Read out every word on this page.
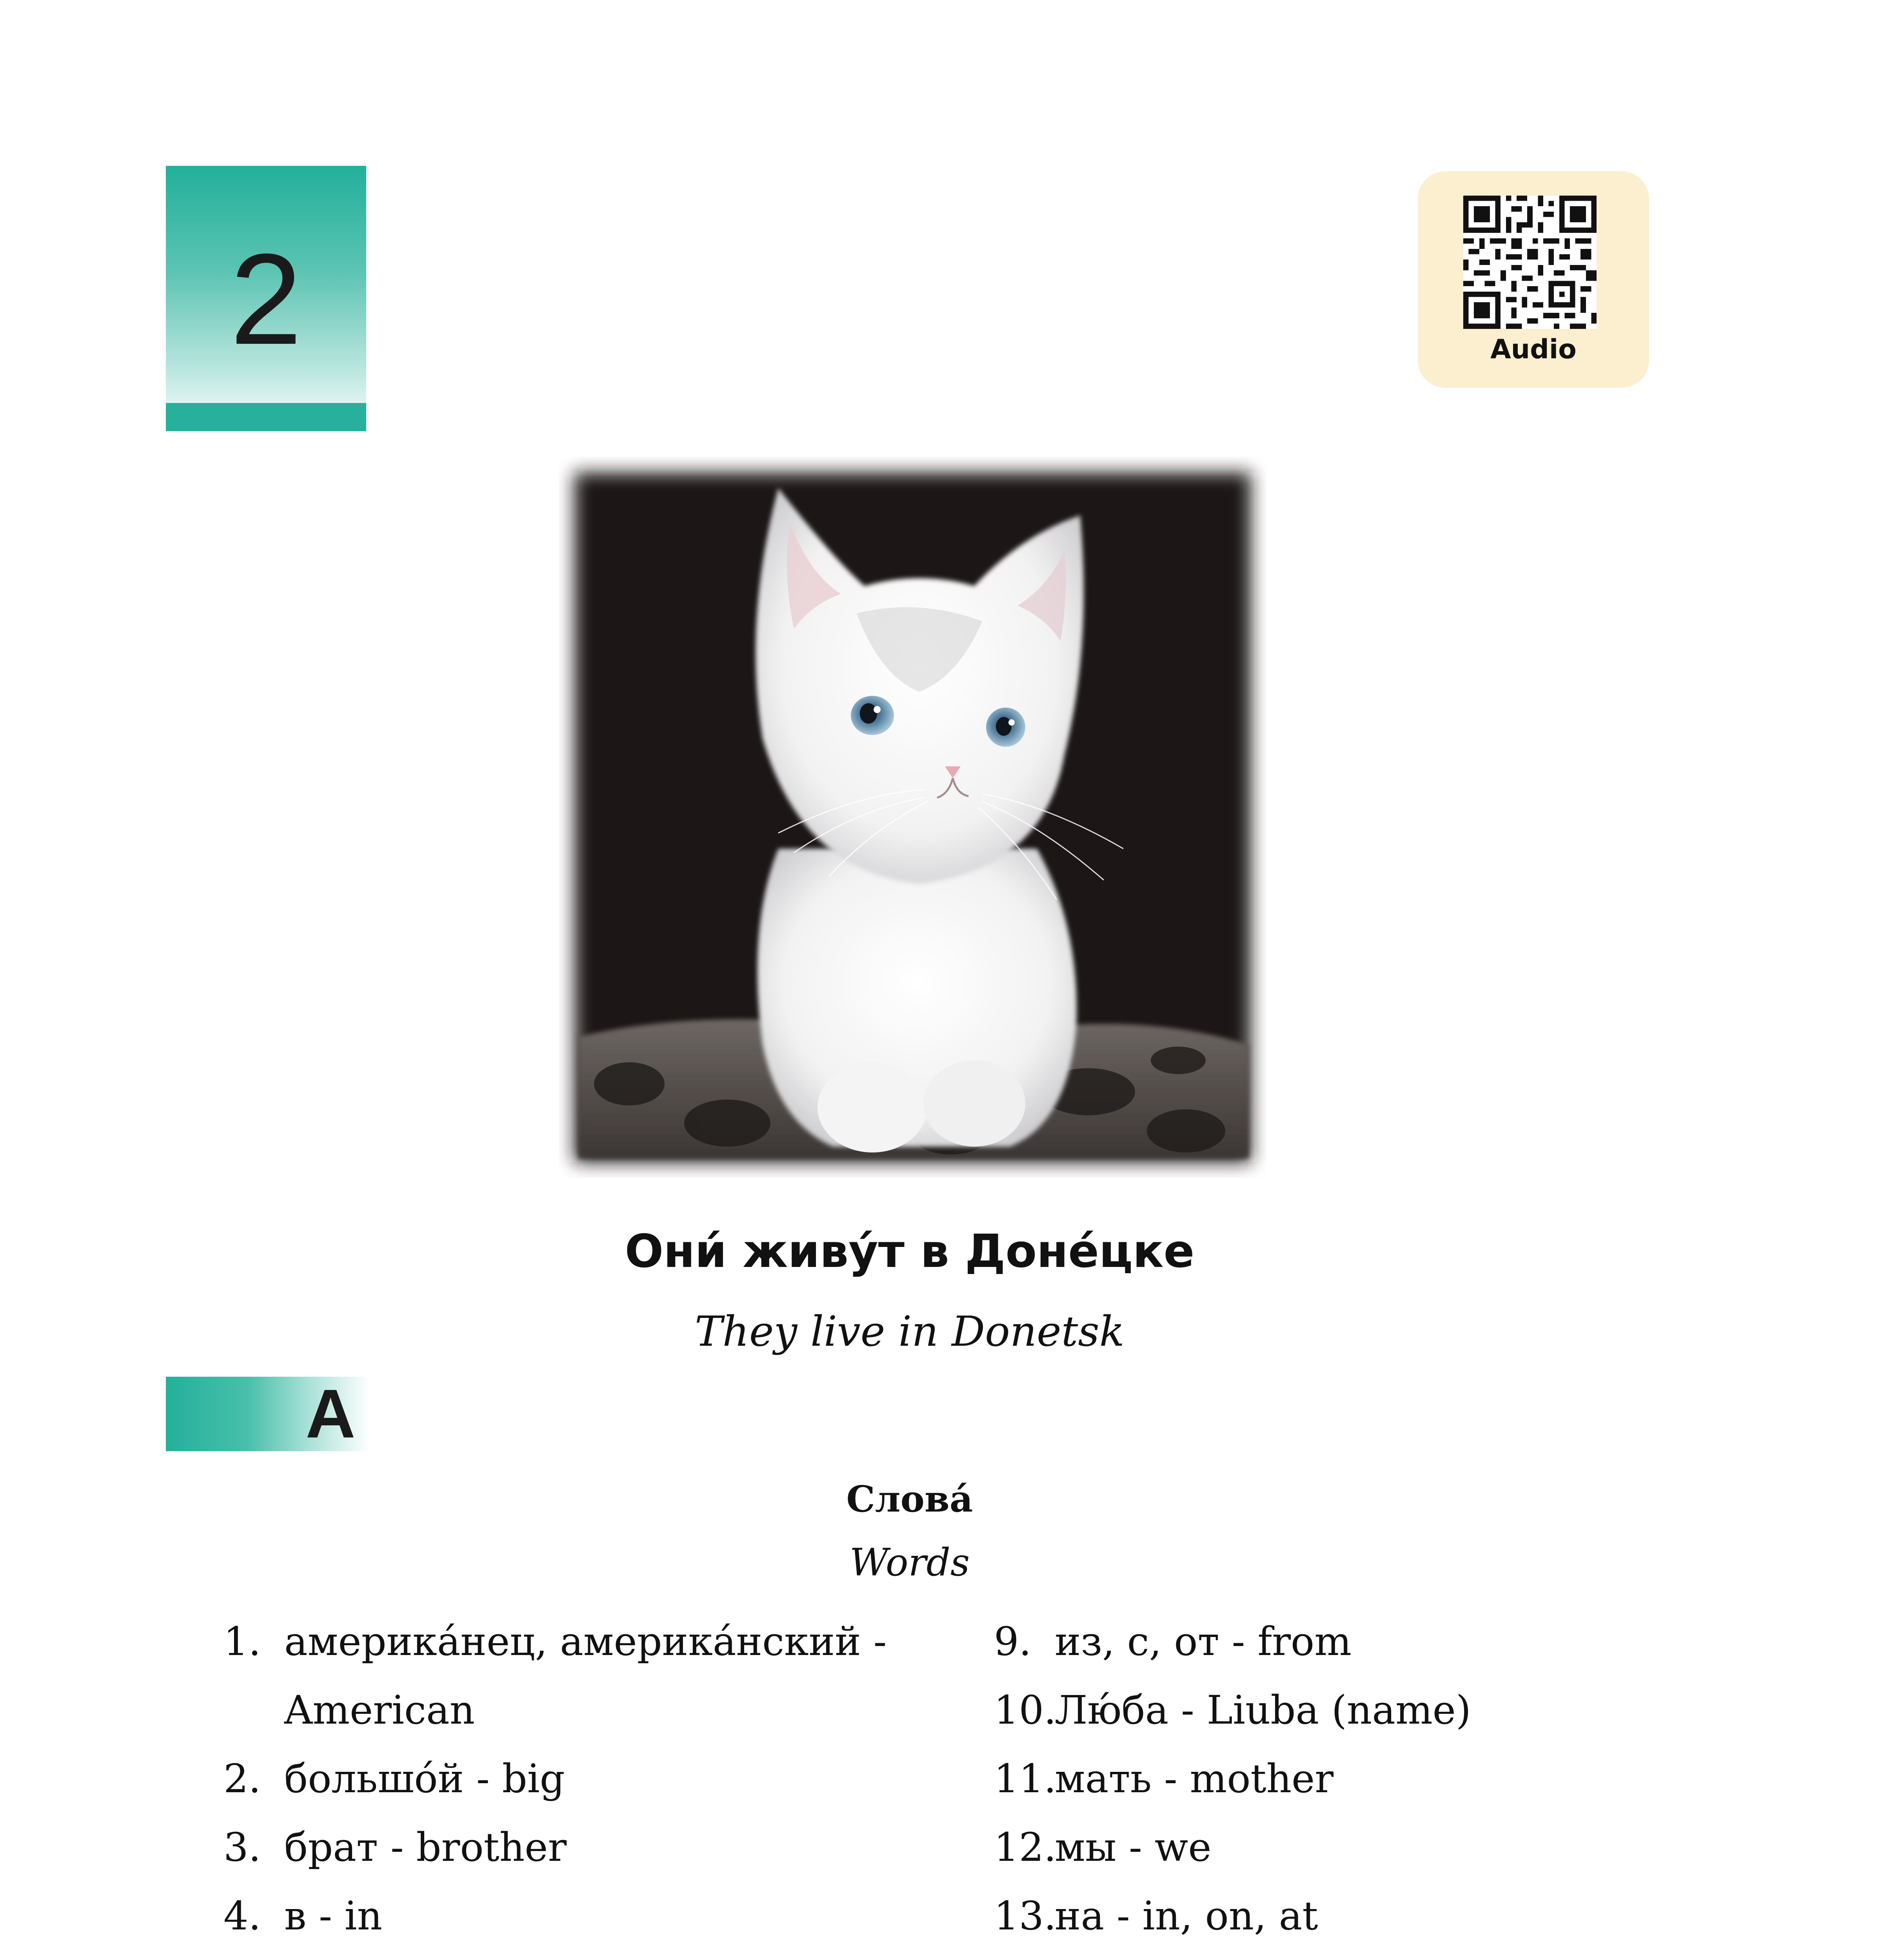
2	Audio
Они́ живу́т в Доне́цке
They live in Donetsk
A
Слова́
Words
1. америка́нец, америка́нский - American
2. большо́й - big
3. брат - brother
4. в - in
9. из, с, от - from
10.
Лю́ба - Liuba (name)
11.
мать - mother
12.
мы - we
13.
на - in, on, at
